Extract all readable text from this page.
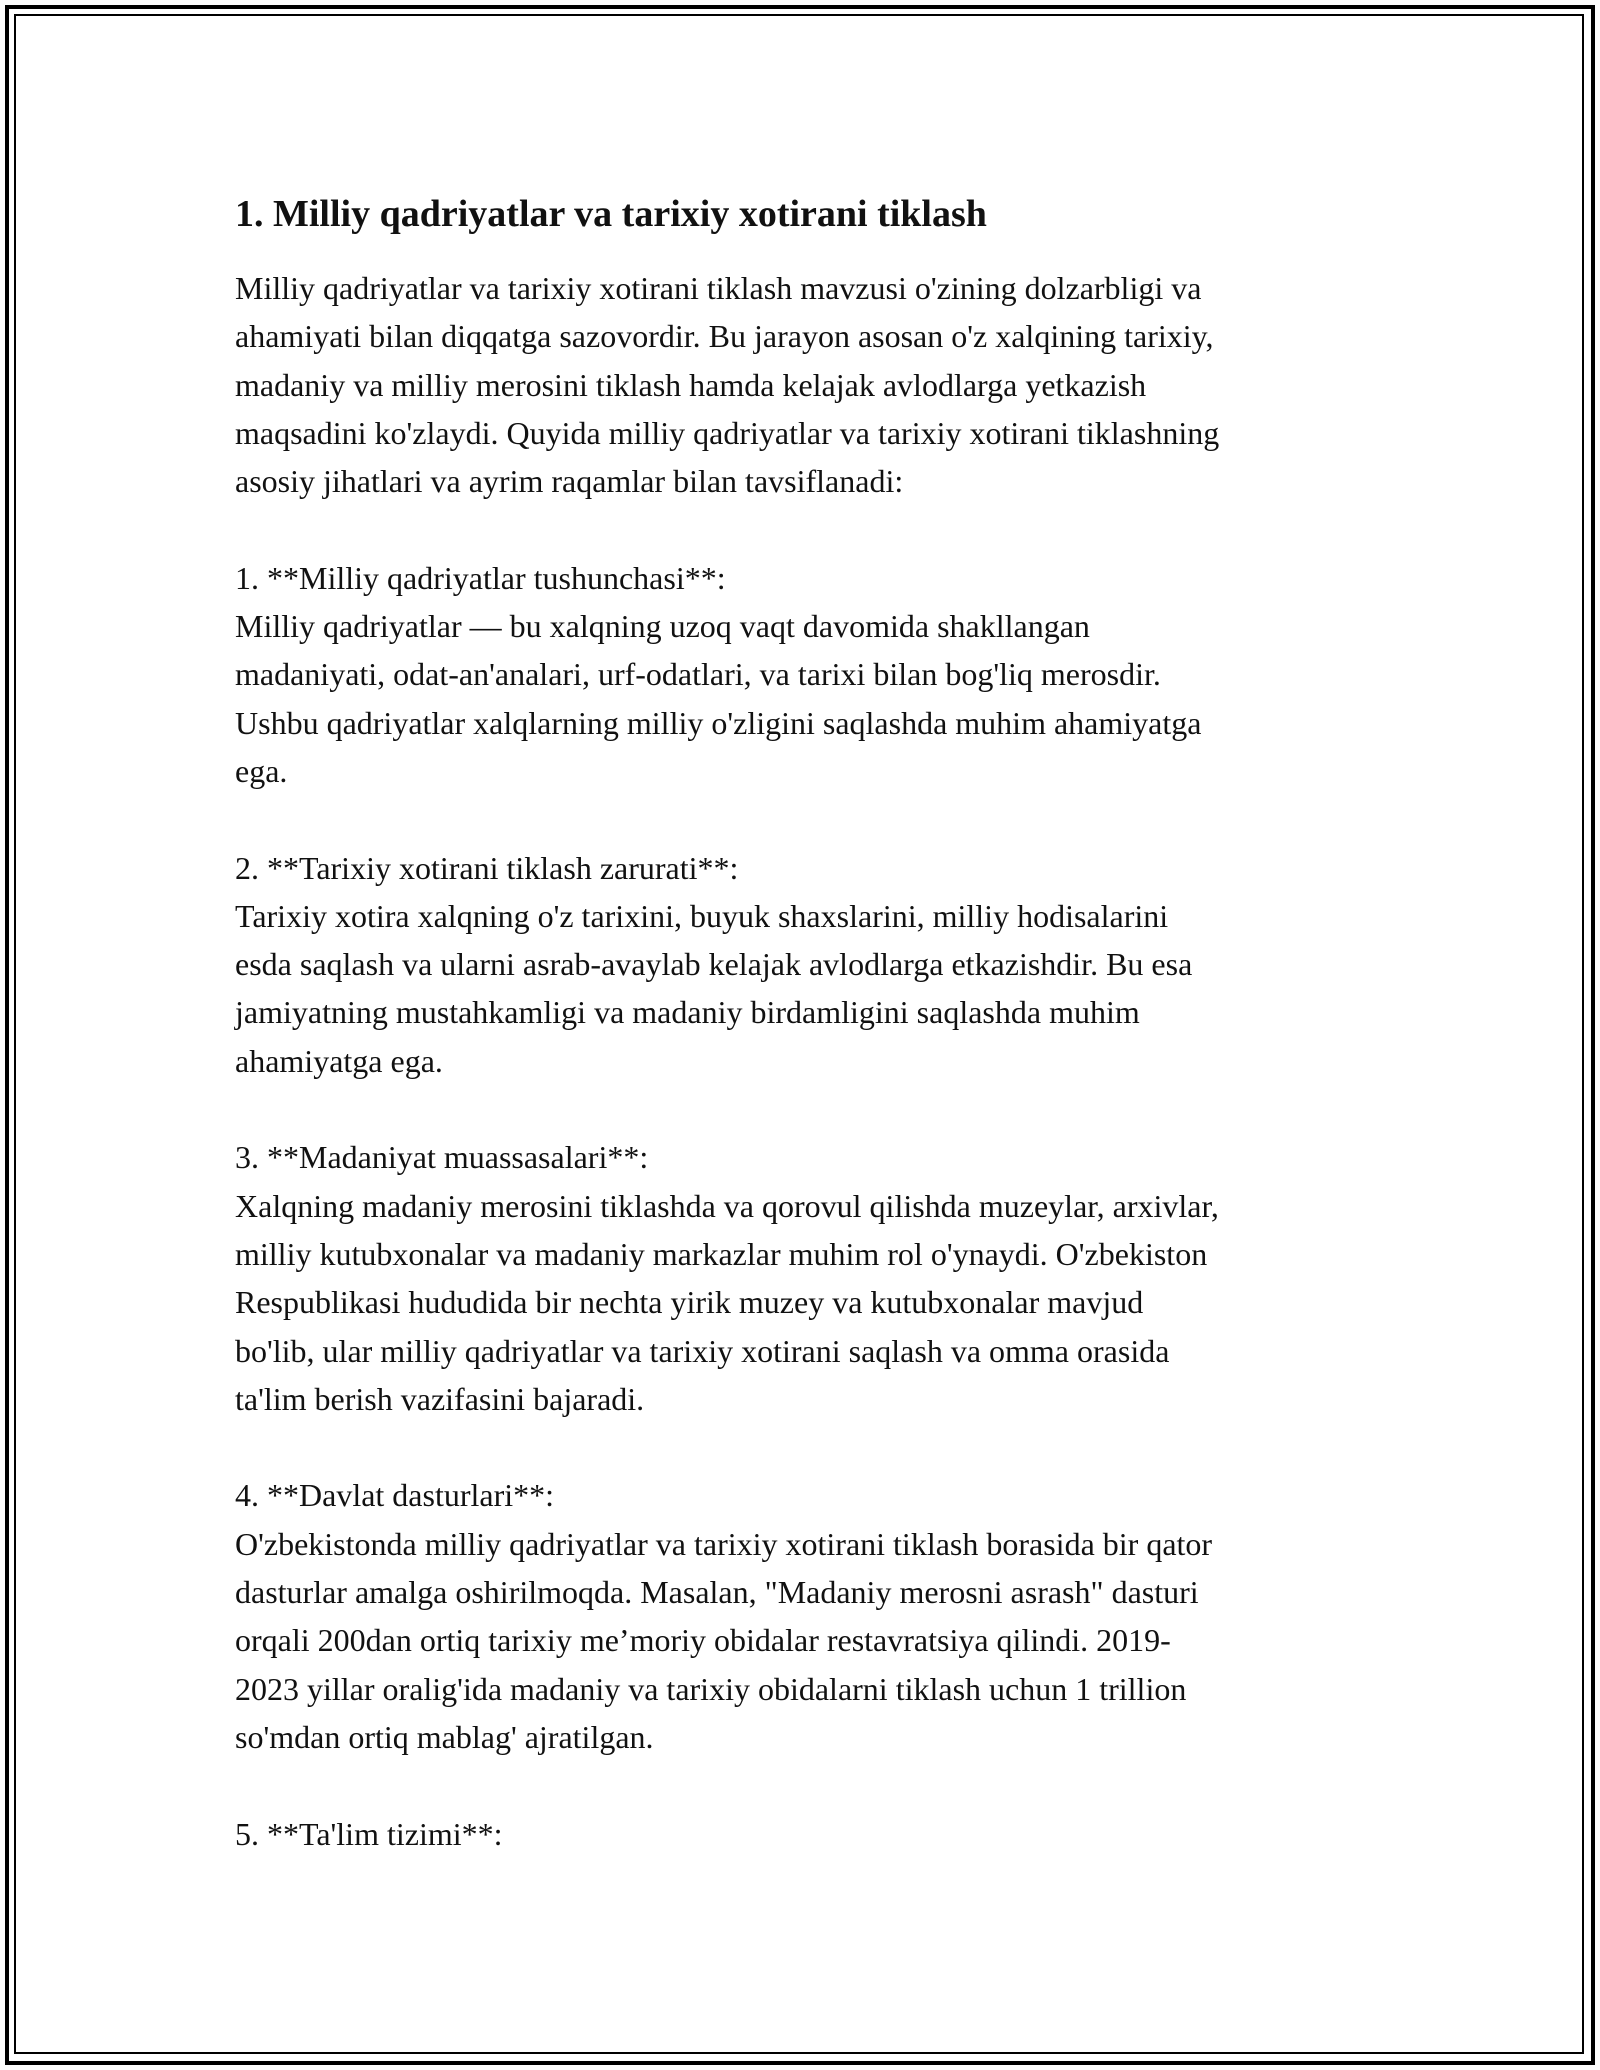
1. Milliy qadriyatlar va tarixiy xotirani tiklash

Milliy qadriyatlar va tarixiy xotirani tiklash mavzusi o'zining dolzarbligi va
ahamiyati bilan diqqatga sazovordir. Bu jarayon asosan o'z xalqining tarixiy,
madaniy va milliy merosini tiklash hamda kelajak avlodlarga yetkazish
maqsadini ko'zlaydi. Quyida milliy qadriyatlar va tarixiy xotirani tiklashning
asosiy jihatlari va ayrim raqamlar bilan tavsiflanadi:

1. **Milliy qadriyatlar tushunchasi**:
Milliy qadriyatlar — bu xalqning uzoq vaqt davomida shakllangan
madaniyati, odat-an'analari, urf-odatlari, va tarixi bilan bog'liq merosdir.
Ushbu qadriyatlar xalqlarning milliy o'zligini saqlashda muhim ahamiyatga
ega.
2. **Tarixiy xotirani tiklash zarurati**:
Tarixiy xotira xalqning o'z tarixini, buyuk shaxslarini, milliy hodisalarini
esda saqlash va ularni asrab-avaylab kelajak avlodlarga etkazishdir. Bu esa
jamiyatning mustahkamligi va madaniy birdamligini saqlashda muhim
ahamiyatga ega.
3. **Madaniyat muassasalari**:
Xalqning madaniy merosini tiklashda va qorovul qilishda muzeylar, arxivlar,
milliy kutubxonalar va madaniy markazlar muhim rol o'ynaydi. O'zbekiston
Respublikasi hududida bir nechta yirik muzey va kutubxonalar mavjud
bo'lib, ular milliy qadriyatlar va tarixiy xotirani saqlash va omma orasida
ta'lim berish vazifasini bajaradi.
4. **Davlat dasturlari**:
O'zbekistonda milliy qadriyatlar va tarixiy xotirani tiklash borasida bir qator
dasturlar amalga oshirilmoqda. Masalan, "Madaniy merosni asrash" dasturi
orqali 200dan ortiq tarixiy me’moriy obidalar restavratsiya qilindi. 2019-
2023 yillar oralig'ida madaniy va tarixiy obidalarni tiklash uchun 1 trillion
so'mdan ortiq mablag' ajratilgan.
5. **Ta'lim tizimi**:
